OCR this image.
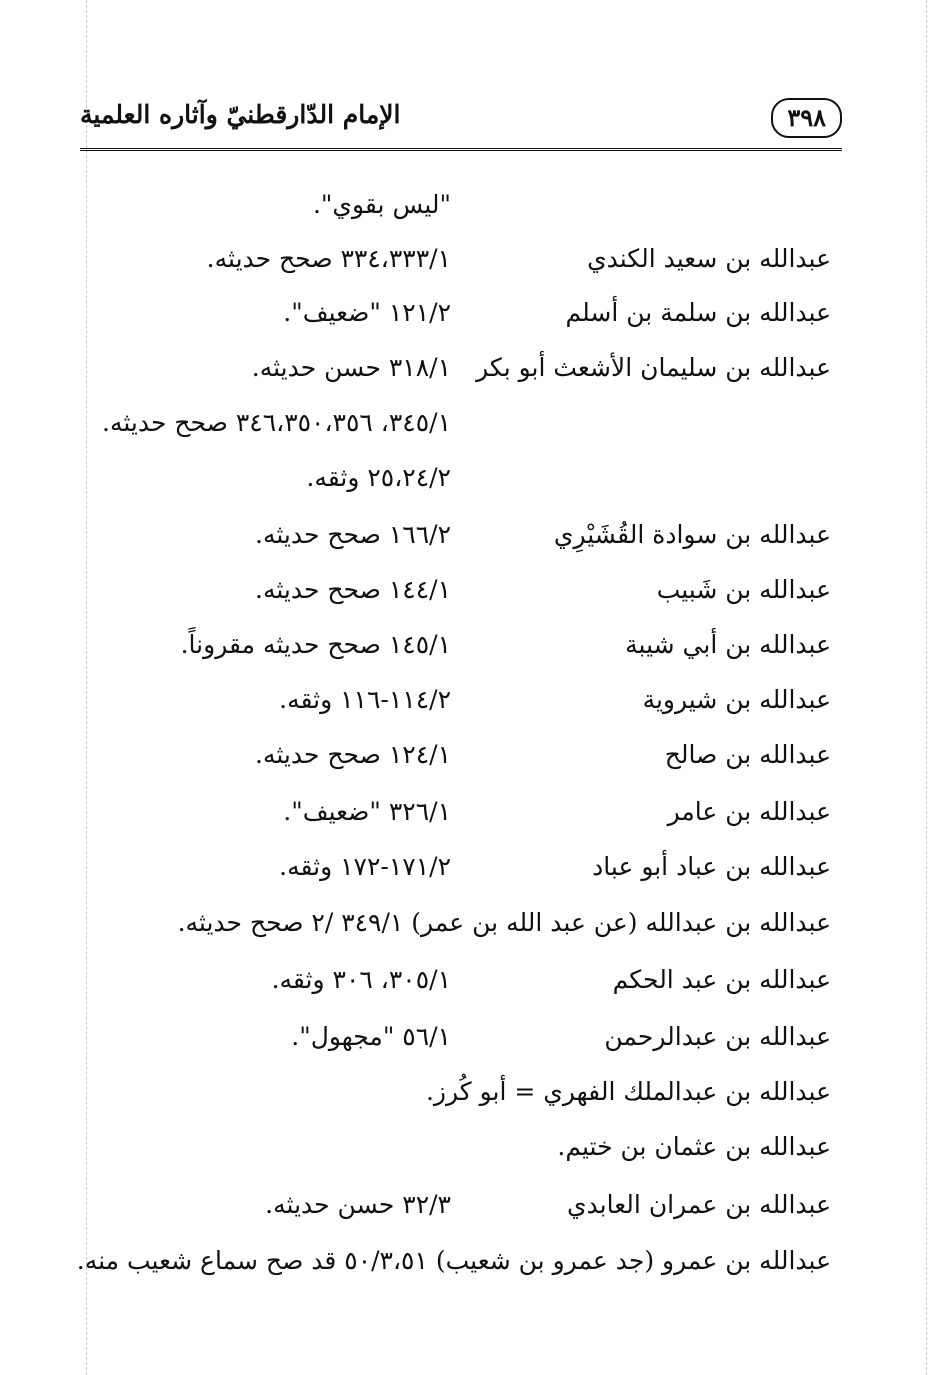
٣٩٨
الإمام الدّارقطنيّ وآثاره العلمية
"ليس بقوي".
عبدالله بن سعيد الكندي
٣٣٤،٣٣٣/١ صحح حديثه.
عبدالله بن سلمة بن أسلم
١٢١/٢ "ضعيف".
عبدالله بن سليمان الأشعث أبو بكر
٣١٨/١ حسن حديثه.
٣٤٥/١، ٣٤٦،٣٥٠،٣٥٦ صحح حديثه.
٢٥،٢٤/٢ وثقه.
عبدالله بن سوادة القُشَيْرِي
١٦٦/٢ صحح حديثه.
عبدالله بن شَبيب
١٤٤/١ صحح حديثه.
عبدالله بن أبي شيبة
١٤٥/١ صحح حديثه مقروناً.
عبدالله بن شيروية
١١٤/٢-١١٦ وثقه.
عبدالله بن صالح
١٢٤/١ صحح حديثه.
عبدالله بن عامر
٣٢٦/١ "ضعيف".
عبدالله بن عباد أبو عباد
١٧١/٢-١٧٢ وثقه.
عبدالله بن عبدالله (عن عبد الله بن عمر) ٣٤٩/١ /٢ صحح حديثه.
عبدالله بن عبد الحكم
٣٠٥/١، ٣٠٦ وثقه.
عبدالله بن عبدالرحمن
٥٦/١ "مجهول".
عبدالله بن عبدالملك الفهري = أبو كُرز.
عبدالله بن عثمان بن ختيم.
عبدالله بن عمران العابدي
٣٢/٣ حسن حديثه.
عبدالله بن عمرو (جد عمرو بن شعيب) ٥٠/٣،٥١ قد صح سماع شعيب منه.
